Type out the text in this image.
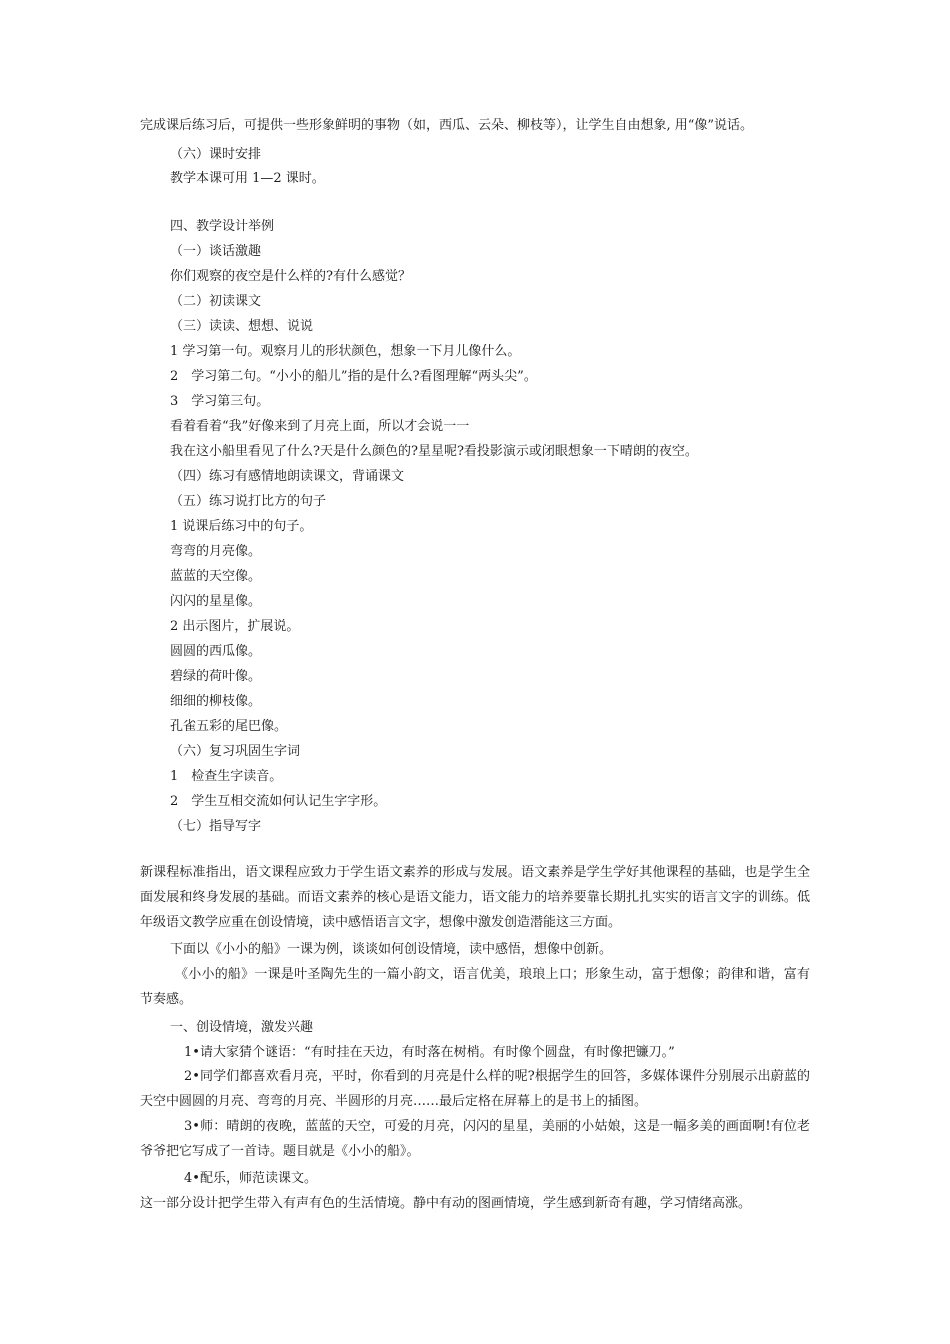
完成课后练习后，可提供一些形象鲜明的事物（如，西瓜、云朵、柳枝等），让学生自由想象, 用“像”说话。
（六）课时安排
教学本课可用 1—2 课时。
四、教学设计举例
（一）谈话激趣
你们观察的夜空是什么样的?有什么感觉？
（二）初读课文
（三）读读、想想、说说
1 学习第一句。观察月儿的形状颜色，想象一下月儿像什么。
2　学习第二句。“小小的船儿”指的是什么?看图理解“两头尖”。
3　学习第三句。
看着看着“我”好像来到了月亮上面，所以才会说一一
我在这小船里看见了什么?天是什么颜色的?星星呢?看投影演示或闭眼想象一下晴朗的夜空。
（四）练习有感情地朗读课文，背诵课文
（五）练习说打比方的句子
1 说课后练习中的句子。
弯弯的月亮像。
蓝蓝的天空像。
闪闪的星星像。
2 出示图片，扩展说。
圆圆的西瓜像。
碧绿的荷叶像。
细细的柳枝像。
孔雀五彩的尾巴像。
（六）复习巩固生字词
1　检查生字读音。
2　学生互相交流如何认记生字字形。
（七）指导写字
新课程标准指出，语文课程应致力于学生语文素养的形成与发展。语文素养是学生学好其他课程的基础，也是学生全面发展和终身发展的基础。而语文素养的核心是语文能力，语文能力的培养要靠长期扎扎实实的语言文字的训练。低年级语文教学应重在创设情境，读中感悟语言文字，想像中激发创造潜能这三方面。
下面以《小小的船》一课为例，谈谈如何创设情境，读中感悟，想像中创新。
《小小的船》一课是叶圣陶先生的一篇小韵文，语言优美，琅琅上口；形象生动，富于想像；韵律和谐，富有节奏感。
一、创设情境，激发兴趣
1•请大家猜个谜语：“有时挂在天边，有时落在树梢。有时像个圆盘，有时像把镰刀。”
2•同学们都喜欢看月亮，平时，你看到的月亮是什么样的呢?根据学生的回答，多媒体课件分别展示出蔚蓝的天空中圆圆的月亮、弯弯的月亮、半圆形的月亮……最后定格在屏幕上的是书上的插图。
3•师：晴朗的夜晚，蓝蓝的天空，可爱的月亮，闪闪的星星，美丽的小姑娘，这是一幅多美的画面啊!有位老爷爷把它写成了一首诗。题目就是《小小的船》。
4•配乐，师范读课文。
这一部分设计把学生带入有声有色的生活情境。静中有动的图画情境，学生感到新奇有趣，学习情绪高涨。
